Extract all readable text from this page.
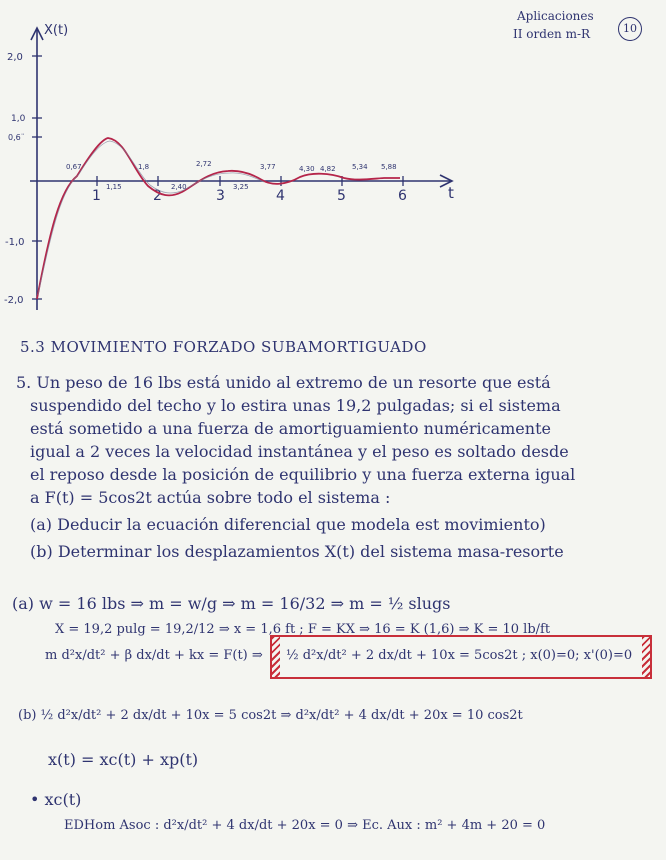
Aplicaciones
II orden m-R	10
X(t)
t
2,0
1,0
0,6¨
-1,0
-2,0
1	2	3	4	5	6
0,67
1,15
1,8
2,40
2,72
3,25
3,77	4,30 4,82 5,34 5,88
5.3 MOVIMIENTO FORZADO SUBAMORTIGUADO
5. Un peso de 16 lbs está unido al extremo de un resorte que está
suspendido del techo y lo estira unas 19,2 pulgadas; si el sistema
está sometido a una fuerza de amortiguamiento numéricamente
igual a 2 veces la velocidad instantánea y el peso es soltado desde
el reposo desde la posición de equilibrio y una fuerza externa igual
a F(t) = 5cos2t actúa sobre todo el sistema :
(a) Deducir la ecuación diferencial que modela est movimiento)
(b) Determinar los desplazamientos X(t) del sistema masa-resorte
(a) w = 16 lbs ⇒ m = w/g ⇒ m = 16/32 ⇒ m = ½ slugs
X = 19,2 pulg = 19,2/12 ⇒ x = 1,6 ft ; F = KX ⇒ 16 = K (1,6) ⇒ K = 10 lb/ft
m d²x/dt² + β dx/dt + kx = F(t) ⇒ ½ d²x/dt² + 2 dx/dt + 10x = 5cos2t ; x(0)=0; x'(0)=0
(b) ½ d²x/dt² + 2 dx/dt + 10x = 5 cos2t ⇒ d²x/dt² + 4 dx/dt + 20x = 10 cos2t
x(t) = xc(t) + xp(t)
• xc(t)
EDHom Asoc : d²x/dt² + 4 dx/dt + 20x = 0 ⇒ Ec. Aux : m² + 4m + 20 = 0
